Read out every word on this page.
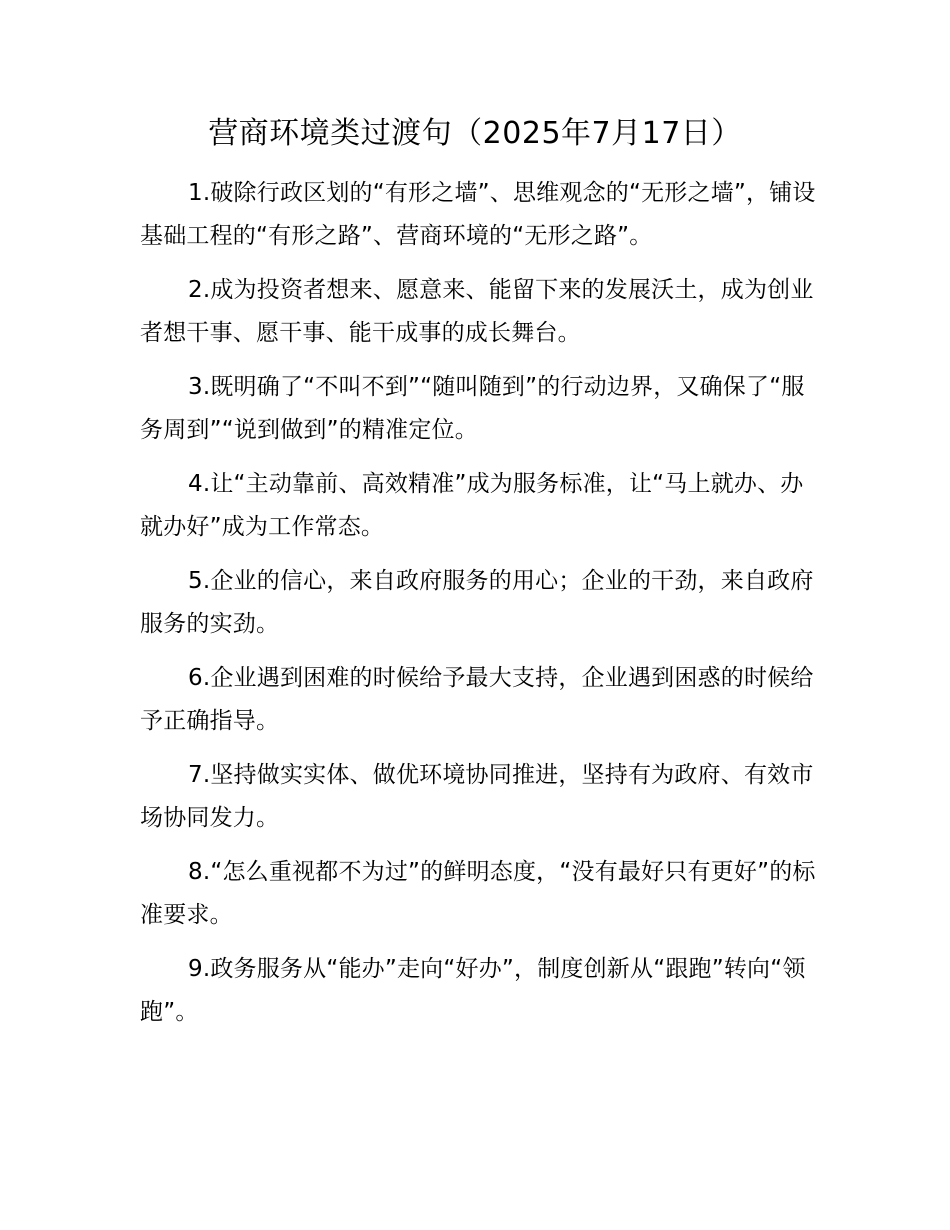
营商环境类过渡句（2025年7月17日）

1.破除行政区划的“有形之墙”、思维观念的“无形之墙”，铺设基础工程的“有形之路”、营商环境的“无形之路”。

2.成为投资者想来、愿意来、能留下来的发展沃土，成为创业者想干事、愿干事、能干成事的成长舞台。

3.既明确了“不叫不到”“随叫随到”的行动边界，又确保了“服务周到”“说到做到”的精准定位。

4.让“主动靠前、高效精准”成为服务标准，让“马上就办、办就办好”成为工作常态。

5.企业的信心，来自政府服务的用心；企业的干劲，来自政府服务的实劲。

6.企业遇到困难的时候给予最大支持，企业遇到困惑的时候给予正确指导。

7.坚持做实实体、做优环境协同推进，坚持有为政府、有效市场协同发力。

8.“怎么重视都不为过”的鲜明态度，“没有最好只有更好”的标准要求。

9.政务服务从“能办”走向“好办”，制度创新从“跟跑”转向“领跑”。
